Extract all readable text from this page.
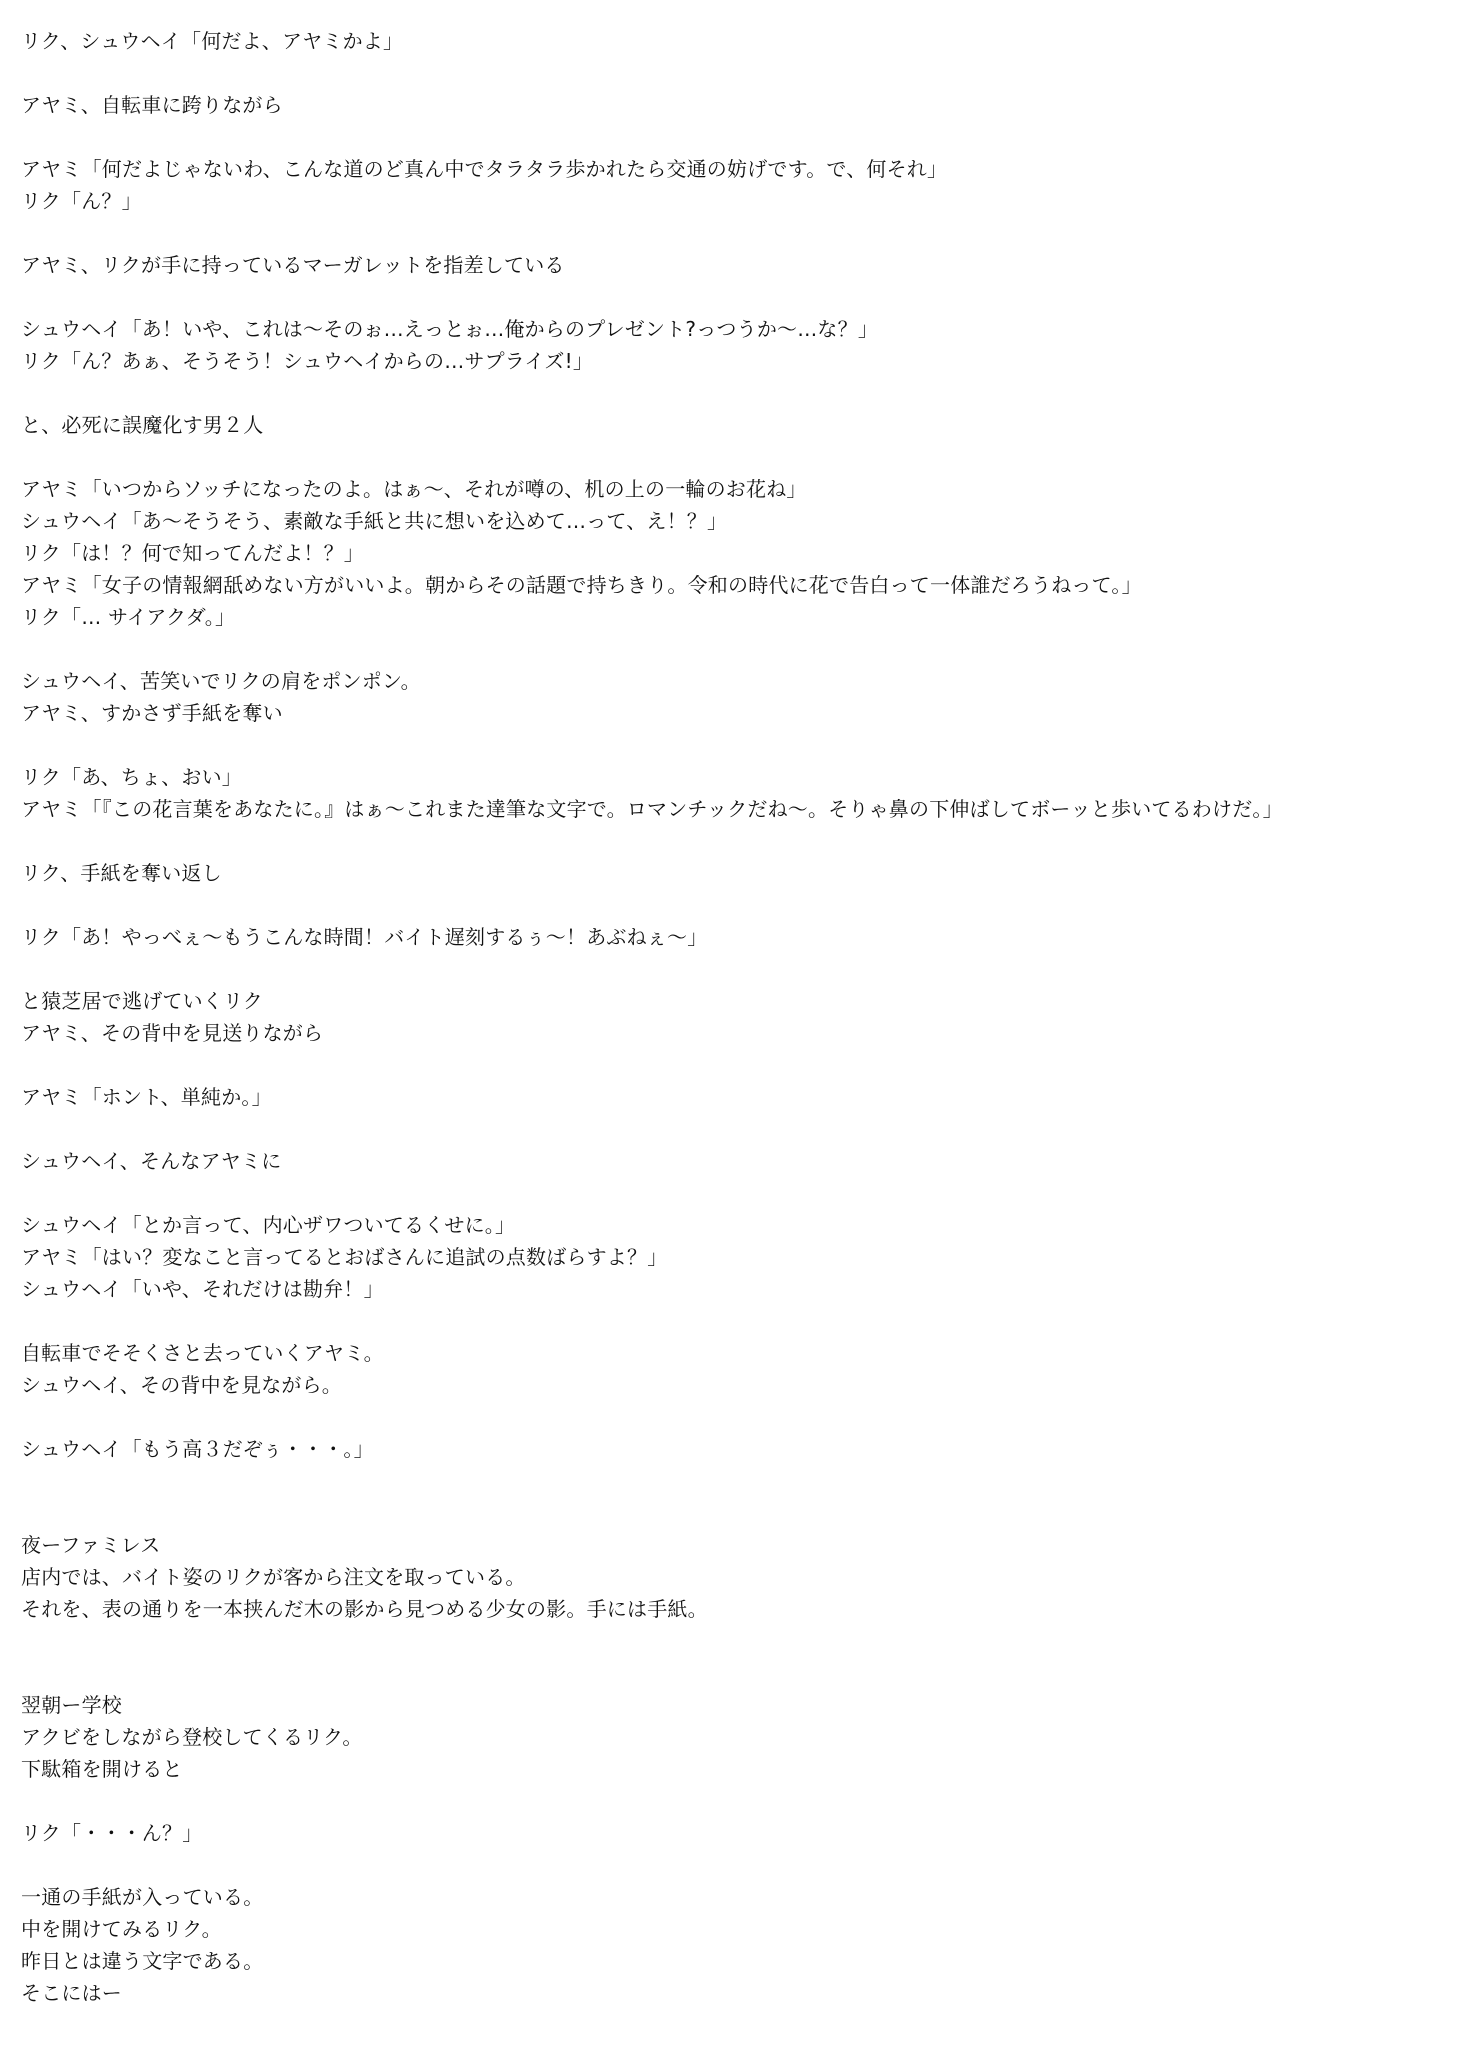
リク、シュウヘイ「何だよ、アヤミかよ」
アヤミ、自転車に跨りながら
アヤミ「何だよじゃないわ、こんな道のど真ん中でタラタラ歩かれたら交通の妨げです。で、何それ」
リク「ん？」
アヤミ、リクが手に持っているマーガレットを指差している
シュウヘイ「あ！いや、これは〜そのぉ…えっとぉ…俺からのプレゼント?っつうか〜…な？」
リク「ん？あぁ、そうそう！シュウヘイからの…サプライズ!」
と、必死に誤魔化す男２人
アヤミ「いつからソッチになったのよ。はぁ〜、それが噂の、机の上の一輪のお花ね」
シュウヘイ「あ〜そうそう、素敵な手紙と共に想いを込めて…って、え！？」
リク「は！？何で知ってんだよ！？」
アヤミ「女子の情報網舐めない方がいいよ。朝からその話題で持ちきり。令和の時代に花で告白って一体誰だろうねって。」
リク「… サイアクダ。」
シュウヘイ、苦笑いでリクの肩をポンポン。
アヤミ、すかさず手紙を奪い
リク「あ、ちょ、おい」
アヤミ「『この花言葉をあなたに。』はぁ〜これまた達筆な文字で。ロマンチックだね〜。そりゃ鼻の下伸ばしてボーッと歩いてるわけだ。」
リク、手紙を奪い返し
リク「あ！やっべぇ〜もうこんな時間！バイト遅刻するぅ〜！あぶねぇ〜」
と猿芝居で逃げていくリク
アヤミ、その背中を見送りながら
アヤミ「ホント、単純か。」
シュウヘイ、そんなアヤミに
シュウヘイ「とか言って、内心ザワついてるくせに。」
アヤミ「はい？変なこと言ってるとおばさんに追試の点数ばらすよ？」
シュウヘイ「いや、それだけは勘弁！」
自転車でそそくさと去っていくアヤミ。
シュウヘイ、その背中を見ながら。
シュウヘイ「もう高３だぞぅ・・・。」
夜ーファミレス
店内では、バイト姿のリクが客から注文を取っている。
それを、表の通りを一本挟んだ木の影から見つめる少女の影。手には手紙。
翌朝ー学校
アクビをしながら登校してくるリク。
下駄箱を開けると
リク「・・・ん？」
一通の手紙が入っている。
中を開けてみるリク。
昨日とは違う文字である。
そこにはー
